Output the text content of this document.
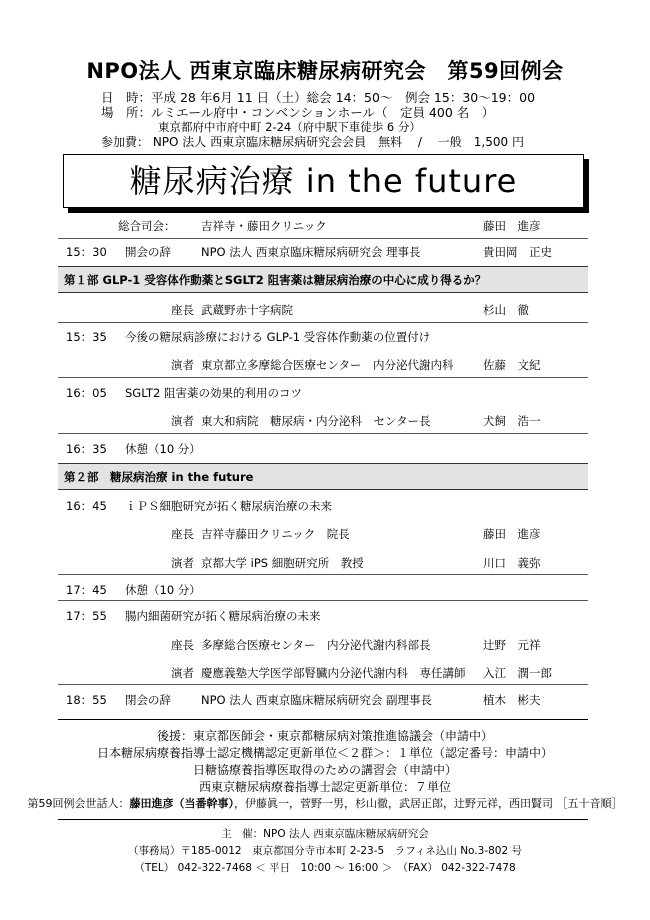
NPO法人 西東京臨床糖尿病研究会　第59回例会
日　時：平成 28 年6月 11 日（土）総会 14：50～　例会 15：30～19：00
場　所：ルミエール府中・コンベンションホール（　定員 400 名　）
東京都府中市府中町 2-24（府中駅下車徒歩 6 分）
参加費： NPO 法人 西東京臨床糖尿病研究会会員　無料　 /　 一般　1,500 円
糖尿病治療 in the future
総合司会： 吉祥寺・藤田クリニック	藤田　進彦
15：30 開会の辞	NPO 法人 西東京臨床糖尿病研究会 理事長	貴田岡　正史
第１部 GLP-1 受容体作動薬とSGLT2 阻害薬は糖尿病治療の中心に成り得るか？
座長 武蔵野赤十字病院	杉山　徹
15：35 今後の糖尿病診療における GLP-1 受容体作動薬の位置付け
演者 東京都立多摩総合医療センター　内分泌代謝内科	佐藤　文紀
16：05 SGLT2 阻害薬の効果的利用のコツ
演者 東大和病院　糖尿病・内分泌科　センター長	犬飼　浩一
16：35 休憩（10 分）
第２部　糖尿病治療 in the future
16：45 ｉＰＳ細胞研究が拓く糖尿病治療の未来
座長 吉祥寺藤田クリニック　院長	藤田　進彦
演者 京都大学 iPS 細胞研究所　教授	川口　義弥
17：45 休憩（10 分）
17：55 腸内細菌研究が拓く糖尿病治療の未来
座長 多摩総合医療センター　内分泌代謝内科部長	辻野　元祥
演者 慶應義塾大学医学部腎臓内分泌代謝内科　専任講師 入江　潤一郎
18：55 閉会の辞	NPO 法人 西東京臨床糖尿病研究会 副理事長	植木　彬夫
後援：東京都医師会・東京都糖尿病対策推進協議会（申請中）
日本糖尿病療養指導士認定機構認定更新単位＜２群＞：１単位（認定番号：申請中）
日糖協療養指導医取得のための講習会（申請中）
西東京糖尿病療養指導士認定更新単位：７単位
第59回例会世話人：藤田進彦（当番幹事），伊藤眞一，菅野一男，杉山徹，武居正郎，辻野元祥，西田賢司 ［五十音順］
主　催：NPO 法人 西東京臨床糖尿病研究会
（事務局）〒185-0012　東京都国分寺市本町 2-23-5　ラフィネ込山 No.3-802 号
（TEL） 042-322-7468 ＜ 平日　10:00 ～ 16:00 ＞　（FAX） 042-322-7478
